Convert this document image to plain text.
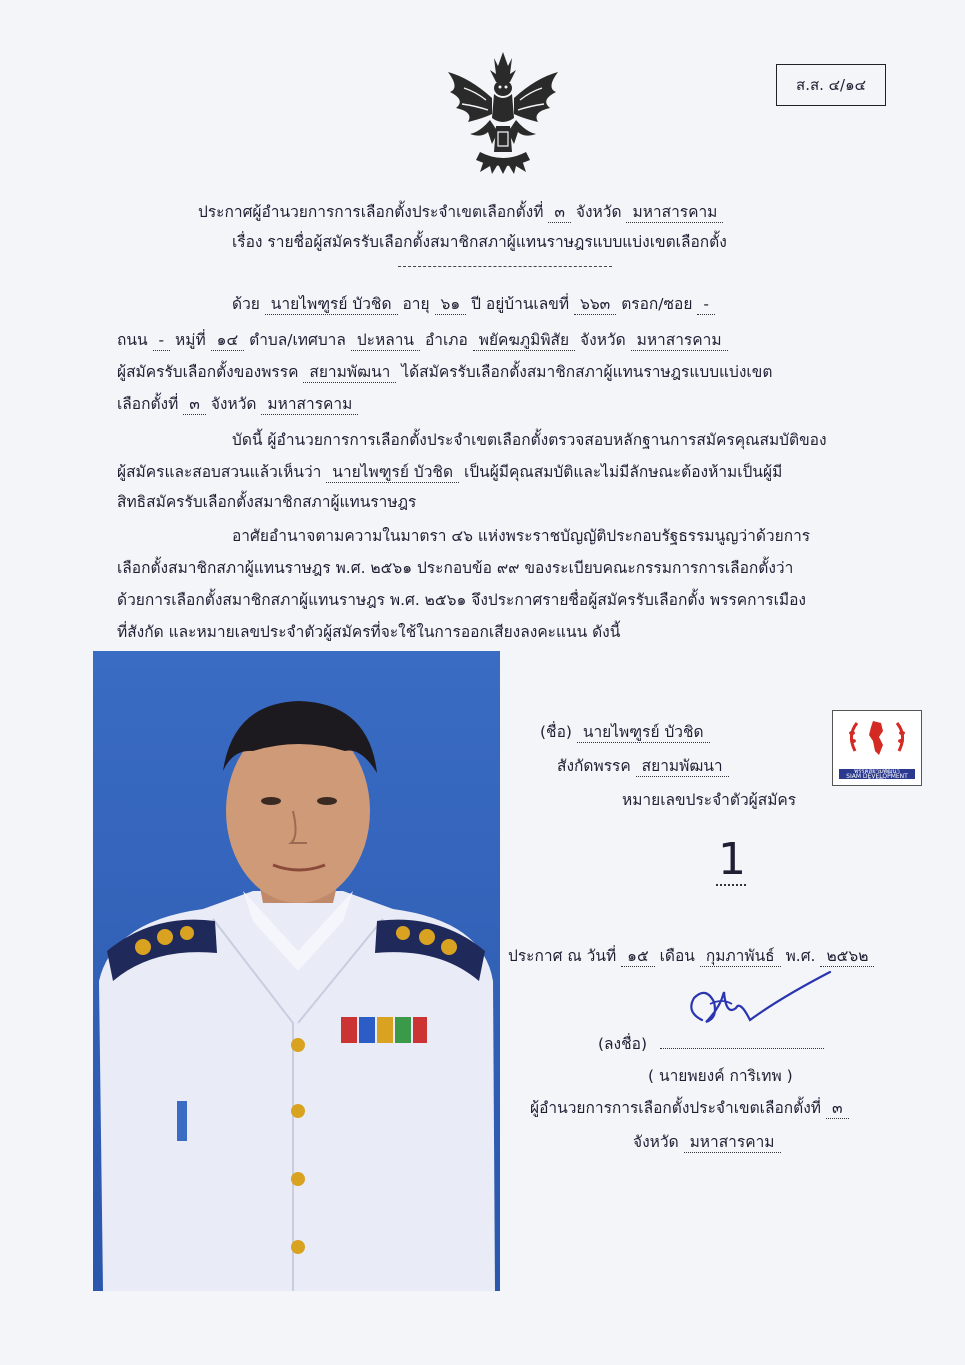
ส.ส. ๔/๑๔
ประกาศผู้อำนวยการการเลือกตั้งประจำเขตเลือกตั้งที่ ๓ จังหวัด มหาสารคาม
เรื่อง รายชื่อผู้สมัครรับเลือกตั้งสมาชิกสภาผู้แทนราษฎรแบบแบ่งเขตเลือกตั้ง
ด้วย นายไพฑูรย์ บัวชิด อายุ ๖๑ ปี อยู่บ้านเลขที่ ๖๖๓ ตรอก/ซอย -
ถนน - หมู่ที่ ๑๔ ตำบล/เทศบาล ปะหลาน อำเภอ พยัคฆภูมิพิสัย จังหวัด มหาสารคาม
ผู้สมัครรับเลือกตั้งของพรรค สยามพัฒนา ได้สมัครรับเลือกตั้งสมาชิกสภาผู้แทนราษฎรแบบแบ่งเขต
เลือกตั้งที่ ๓ จังหวัด มหาสารคาม
บัดนี้ ผู้อำนวยการการเลือกตั้งประจำเขตเลือกตั้งตรวจสอบหลักฐานการสมัครคุณสมบัติของ
ผู้สมัครและสอบสวนแล้วเห็นว่า นายไพฑูรย์ บัวชิด เป็นผู้มีคุณสมบัติและไม่มีลักษณะต้องห้ามเป็นผู้มี
สิทธิสมัครรับเลือกตั้งสมาชิกสภาผู้แทนราษฎร
อาศัยอำนาจตามความในมาตรา ๔๖ แห่งพระราชบัญญัติประกอบรัฐธรรมนูญว่าด้วยการ
เลือกตั้งสมาชิกสภาผู้แทนราษฎร พ.ศ. ๒๕๖๑ ประกอบข้อ ๙๙ ของระเบียบคณะกรรมการการเลือกตั้งว่า
ด้วยการเลือกตั้งสมาชิกสภาผู้แทนราษฎร พ.ศ. ๒๕๖๑ จึงประกาศรายชื่อผู้สมัครรับเลือกตั้ง พรรคการเมือง
ที่สังกัด และหมายเลขประจำตัวผู้สมัครที่จะใช้ในการออกเสียงลงคะแนน ดังนี้
(ชื่อ) นายไพฑูรย์ บัวชิด
สังกัดพรรค สยามพัฒนา
หมายเลขประจำตัวผู้สมัคร
1
พรรคสยามพัฒนา
SIAM DEVELOPMENT PARTY
ประกาศ ณ วันที่ ๑๕ เดือน กุมภาพันธ์ พ.ศ. ๒๕๖๒
(ลงชื่อ)
( นายพยงค์ การิเทพ )
ผู้อำนวยการการเลือกตั้งประจำเขตเลือกตั้งที่ ๓
จังหวัด มหาสารคาม
